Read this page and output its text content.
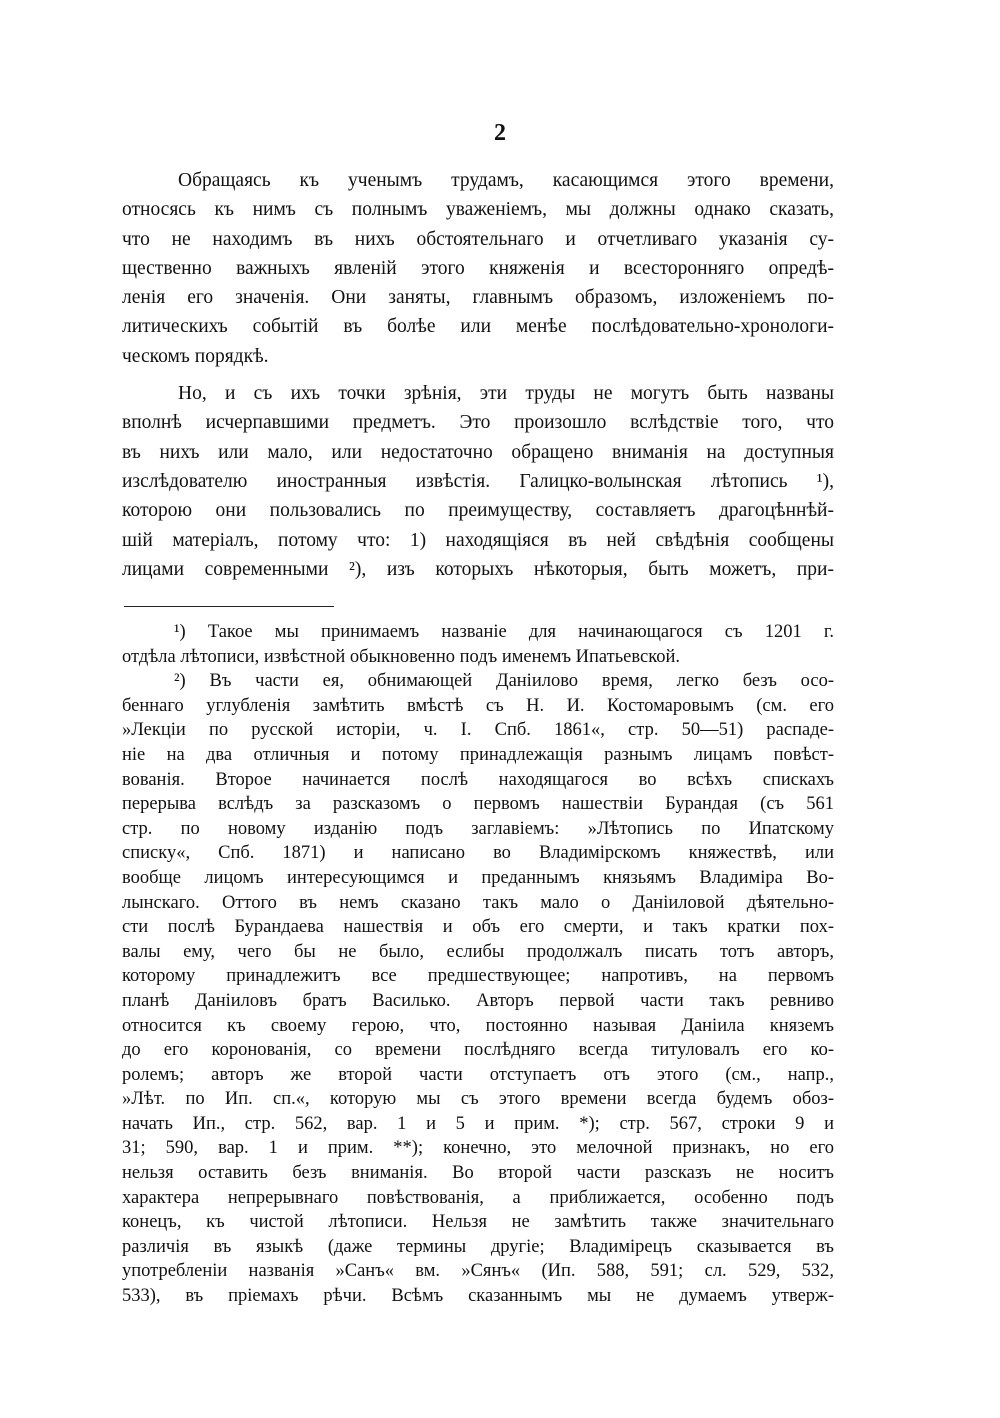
2
Обращаясь къ ученымъ трудамъ, касающимся этого времени,
относясь къ нимъ съ полнымъ уваженіемъ, мы должны однако сказать,
что не находимъ въ нихъ обстоятельнаго и отчетливаго указанія су-
щественно важныхъ явленій этого княженія и всесторонняго опредѣ-
ленія его значенія. Они заняты, главнымъ образомъ, изложеніемъ по-
литическихъ событій въ болѣе или менѣе послѣдовательно-хронологи-
ческомъ порядкѣ.
Но, и съ ихъ точки зрѣнія, эти труды не могутъ быть названы
вполнѣ исчерпавшими предметъ. Это произошло вслѣдствіе того, что
въ нихъ или мало, или недостаточно обращено вниманія на доступныя
изслѣдователю иностранныя извѣстія. Галицко-волынская лѣтопись ¹),
которою они пользовались по преимуществу, составляетъ драгоцѣннѣй-
шій матеріалъ, потому что: 1) находящіяся въ ней свѣдѣнія сообщены
лицами современными ²), изъ которыхъ нѣкоторыя, быть можетъ, при-
¹) Такое мы принимаемъ названіе для начинающагося съ 1201 г.
отдѣла лѣтописи, извѣстной обыкновенно подъ именемъ Ипатьевской.
²) Въ части ея, обнимающей Даніилово время, легко безъ осо-
беннаго углубленія замѣтить вмѣстѣ съ Н. И. Костомаровымъ (см. его
»Лекціи по русской исторіи, ч. I. Спб. 1861«, стр. 50—51) распаде-
ніе на два отличныя и потому принадлежащія разнымъ лицамъ повѣст-
вованія. Второе начинается послѣ находящагося во всѣхъ спискахъ
перерыва вслѣдъ за разсказомъ о первомъ нашествіи Бурандая (съ 561
стр. по новому изданію подъ заглавіемъ: »Лѣтопись по Ипатскому
списку«, Спб. 1871) и написано во Владимірскомъ княжествѣ, или
вообще лицомъ интересующимся и преданнымъ князьямъ Владиміра Во-
лынскаго. Оттого въ немъ сказано такъ мало о Даніиловой дѣятельно-
сти послѣ Бурандаева нашествія и объ его смерти, и такъ кратки пох-
валы ему, чего бы не было, еслибы продолжалъ писать тотъ авторъ,
которому принадлежитъ все предшествующее; напротивъ, на первомъ
планѣ Даніиловъ братъ Василько. Авторъ первой части такъ ревниво
относится къ своему герою, что, постоянно называя Даніила княземъ
до его коронованія, со времени послѣдняго всегда титуловалъ его ко-
ролемъ; авторъ же второй части отступаетъ отъ этого (см., напр.,
»Лѣт. по Ип. сп.«, которую мы съ этого времени всегда будемъ обоз-
начать Ип., стр. 562, вар. 1 и 5 и прим. *); стр. 567, строки 9 и
31; 590, вар. 1 и прим. **); конечно, это мелочной признакъ, но его
нельзя оставить безъ вниманія. Во второй части разсказъ не носитъ
характера непрерывнаго повѣствованія, а приближается, особенно подъ
конецъ, къ чистой лѣтописи. Нельзя не замѣтить также значительнаго
различія въ языкѣ (даже термины другіе; Владимірецъ сказывается въ
употребленіи названія »Санъ« вм. »Сянъ« (Ип. 588, 591; сл. 529, 532,
533), въ пріемахъ рѣчи. Всѣмъ сказаннымъ мы не думаемъ утверж-
